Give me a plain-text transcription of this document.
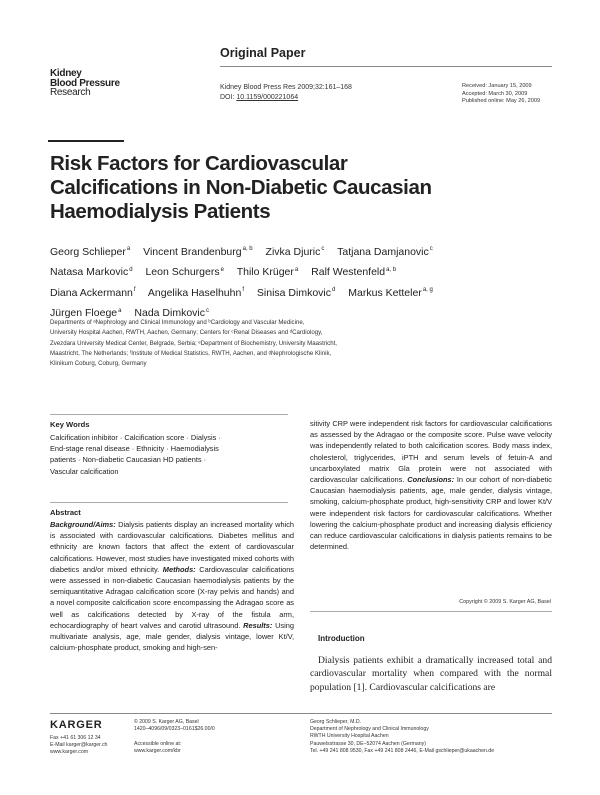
Kidney
Blood Pressure
Research
Original Paper
Kidney Blood Press Res 2009;32:161–168
DOI: 10.1159/000221064
Received: January 15, 2009
Accepted: March 30, 2009
Published online: May 26, 2009
Risk Factors for Cardiovascular Calcifications in Non-Diabetic Caucasian Haemodialysis Patients
Georg Schlieper$^a$ Vincent Brandenburg$^{a, b}$ Zivka Djuric$^c$ Tatjana Damjanovic$^c$
Natasa Markovic$^d$ Leon Schurgers$^e$ Thilo Krüger$^a$ Ralf Westenfeld$^{a, b}$
Diana Ackermann$^f$ Angelika Haselhuhn$^f$ Sinisa Dimkovic$^d$ Markus Ketteler$^{a, g}$
Jürgen Floege$^a$ Nada Dimkovic$^c$
Departments of ᵃNephrology and Clinical Immunology and ᵇCardiology and Vascular Medicine,
University Hospital Aachen, RWTH, Aachen, Germany; Centers for ᶜRenal Diseases and ᵈCardiology,
Zvezdara University Medical Center, Belgrade, Serbia; ᵉDepartment of Biochemistry, University Maastricht,
Maastricht, The Netherlands; ᶠInstitute of Medical Statistics, RWTH, Aachen, and ᵍNephrologische Klinik,
Klinikum Coburg, Coburg, Germany
Key Words
Calcification inhibitor · Calcification score · Dialysis ·
End-stage renal disease · Ethnicity · Haemodialysis
patients · Non-diabetic Caucasian HD patients ·
Vascular calcification
Abstract
Background/Aims: Dialysis patients display an increased mortality which is associated with cardiovascular calcifications. Diabetes mellitus and ethnicity are known factors that affect the extent of cardiovascular calcifications. However, most studies have investigated mixed cohorts with diabetics and/or mixed ethnicity. Methods: Cardiovascular calcifications were assessed in non-diabetic Caucasian haemodialysis patients by the semiquantitative Adragao calcification score (X-ray pelvis and hands) and a novel composite calcification score encompassing the Adragao score as well as calcifications detected by X-ray of the fistula arm, echocardiography of heart valves and carotid ultrasound. Results: Using multivariate analysis, age, male gender, dialysis vintage, lower Kt/V, calcium-phosphate product, smoking and high-sen-
sitivity CRP were independent risk factors for cardiovascular calcifications as assessed by the Adragao or the composite score. Pulse wave velocity was independently related to both calcification scores. Body mass index, cholesterol, triglycerides, iPTH and serum levels of fetuin-A and uncarboxylated matrix Gla protein were not associated with cardiovascular calcifications. Conclusions: In our cohort of non-diabetic Caucasian haemodialysis patients, age, male gender, dialysis vintage, smoking, calcium-phosphate product, high-sensitivity CRP and lower Kt/V were independent risk factors for cardiovascular calcifications. Whether lowering the calcium-phosphate product and increasing dialysis efficiency can reduce cardiovascular calcifications in dialysis patients remains to be determined.
Copyright © 2009 S. Karger AG, Basel
Introduction
Dialysis patients exhibit a dramatically increased total and cardiovascular mortality when compared with the normal population [1]. Cardiovascular calcifications are
KARGER
Fax +41 61 306 12 34
E-Mail karger@karger.ch
www.karger.com
© 2009 S. Karger AG, Basel
1420–4096/09/0323–0161$26.00/0
Accessible online at:
www.karger.com/kbr
Georg Schlieper, M.D.
Department of Nephrology and Clinical Immunology
RWTH University Hospital Aachen
Pauwelsstrasse 30, DE–52074 Aachen (Germany)
Tel. +49 241 808 9530, Fax +49 241 808 2446, E-Mail gschlieper@ukaachen.de
